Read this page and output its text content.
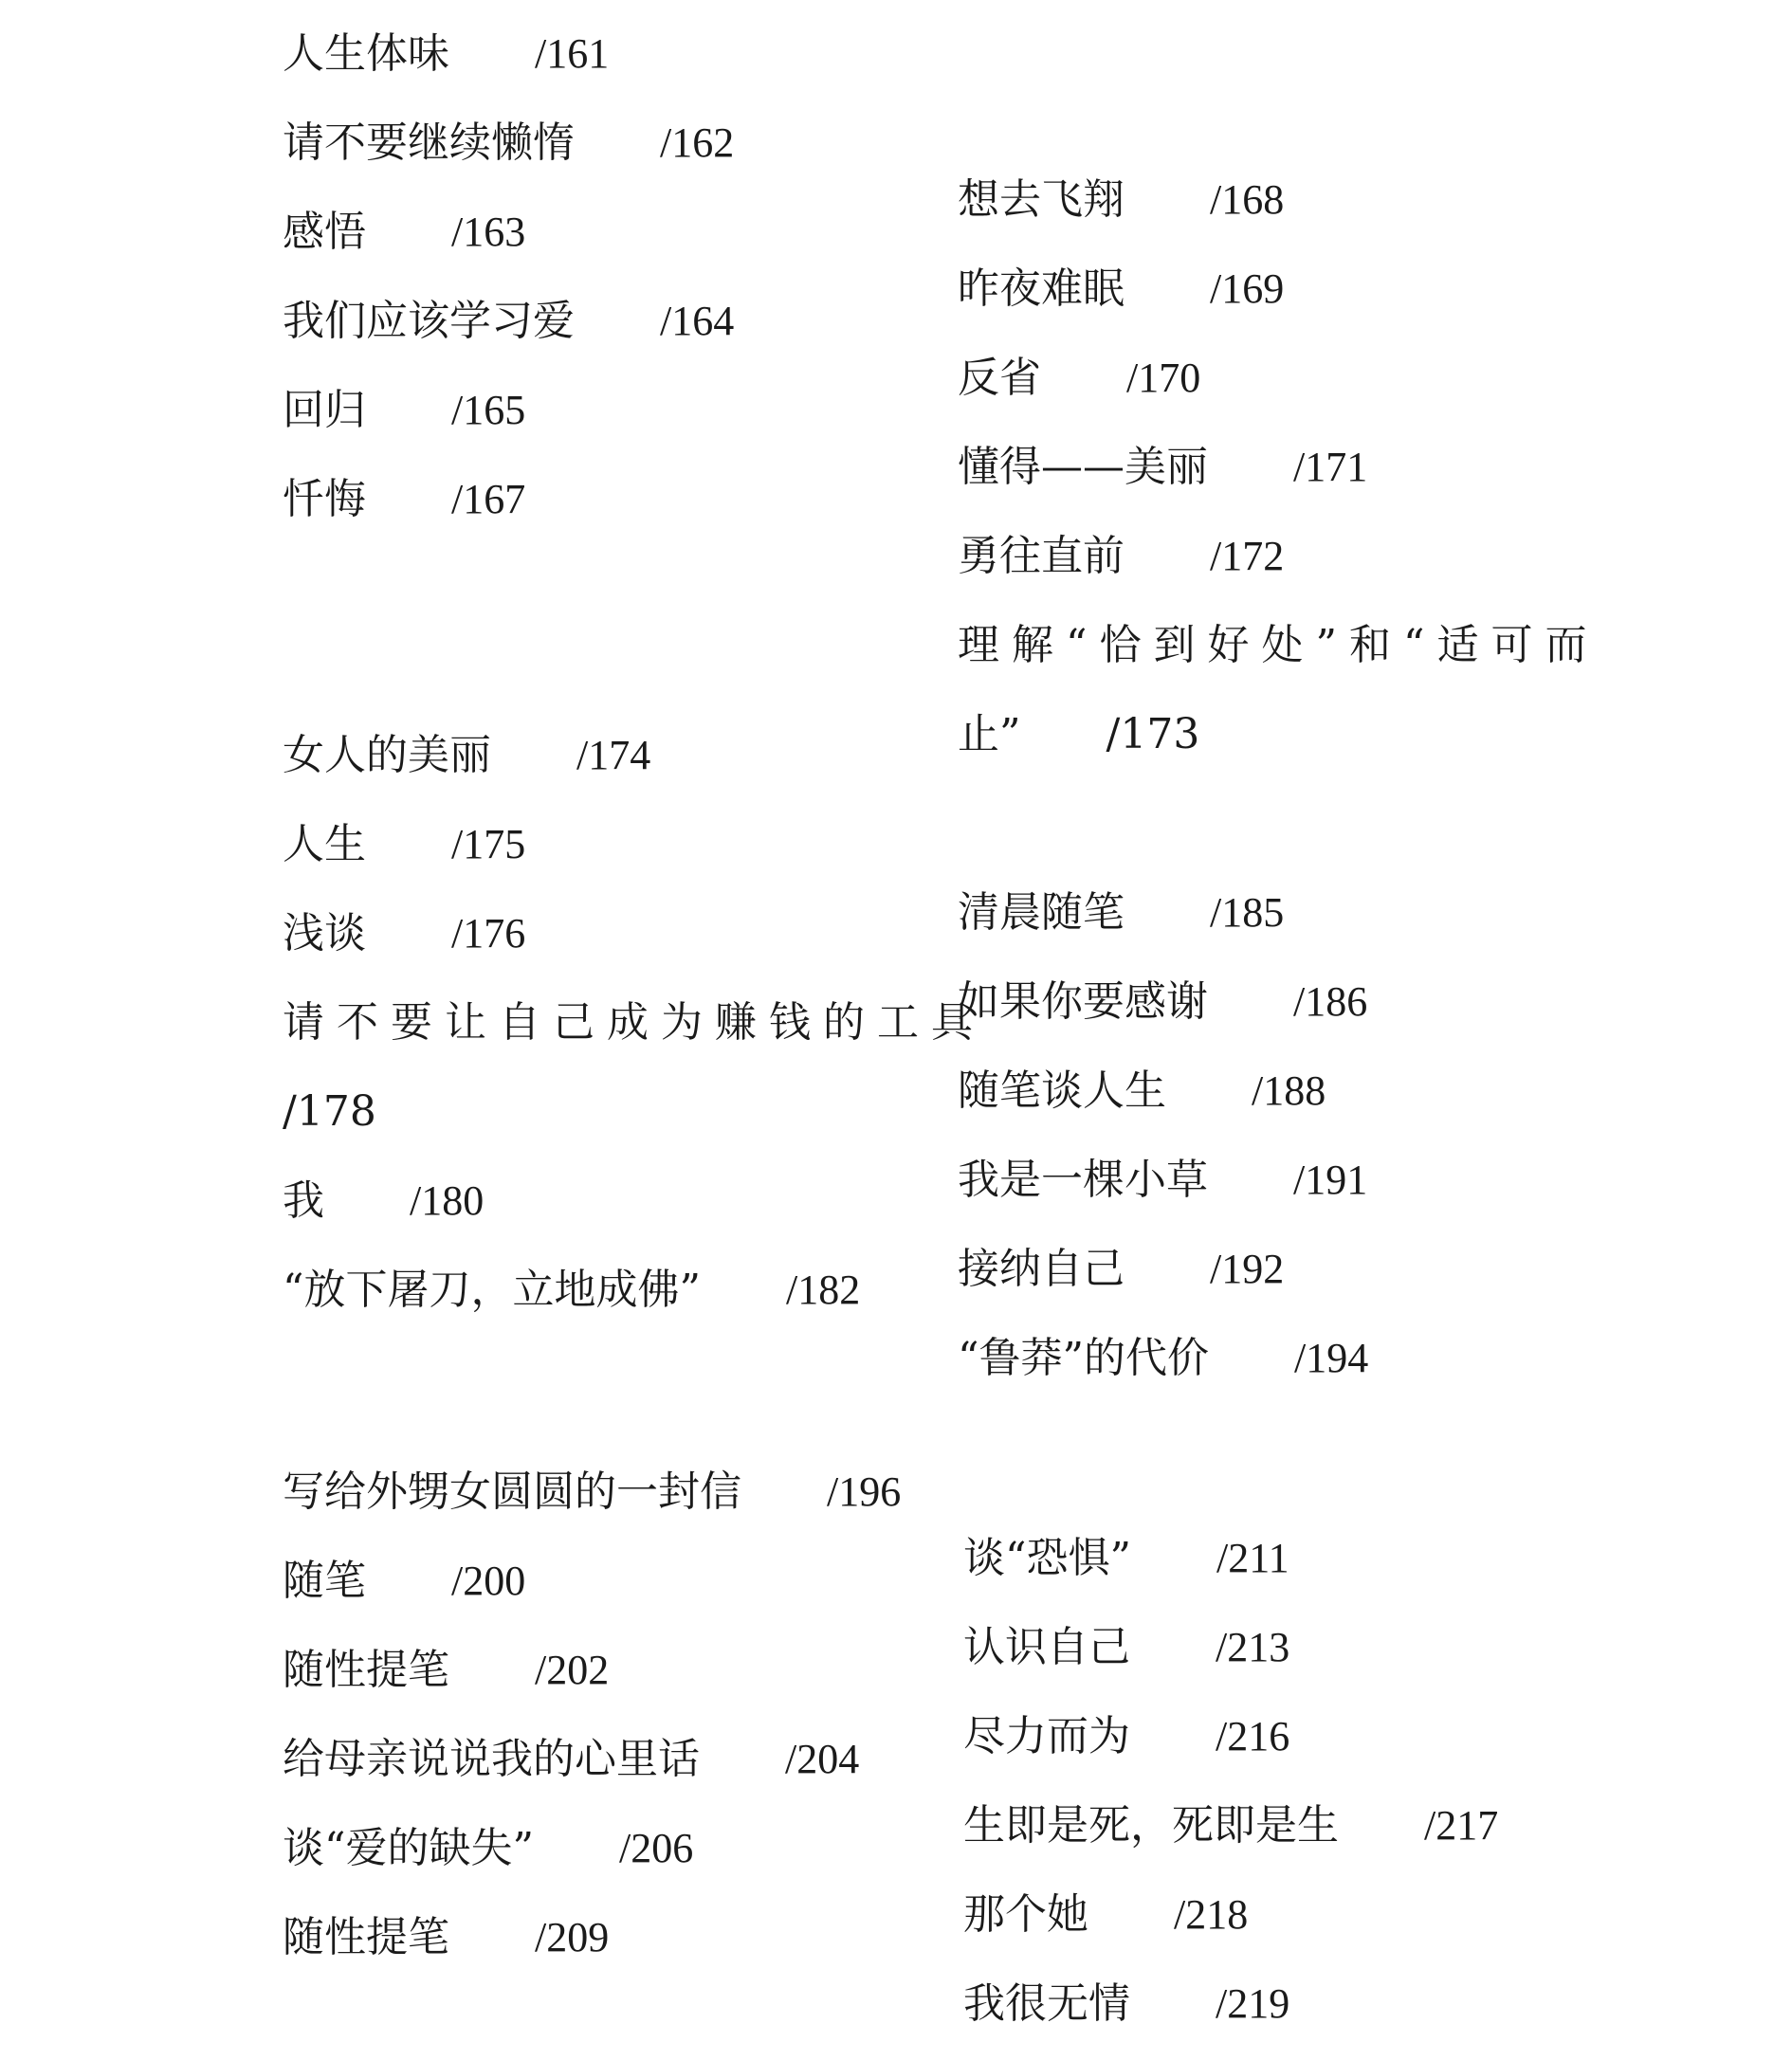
人生体味 /161
请不要继续懒惰 /162
感悟 /163
我们应该学习爱 /164
回归 /165
忏悔 /167
女人的美丽 /174
人生 /175
浅谈 /176
请不要让自己成为赚钱的工具
/178
我 /180
“放下屠刀，立地成佛” /182
写给外甥女圆圆的一封信 /196
随笔 /200
随性提笔 /202
给母亲说说我的心里话 /204
谈“爱的缺失” /206
随性提笔 /209
想去飞翔 /168
昨夜难眠 /169
反省 /170
懂得——美丽 /171
勇往直前 /172
理解“恰到好处”和“适可而
止” /173
清晨随笔 /185
如果你要感谢 /186
随笔谈人生 /188
我是一棵小草 /191
接纳自己 /192
“鲁莽”的代价 /194
谈“恐惧” /211
认识自己 /213
尽力而为 /216
生即是死，死即是生 /217
那个她 /218
我很无情 /219
